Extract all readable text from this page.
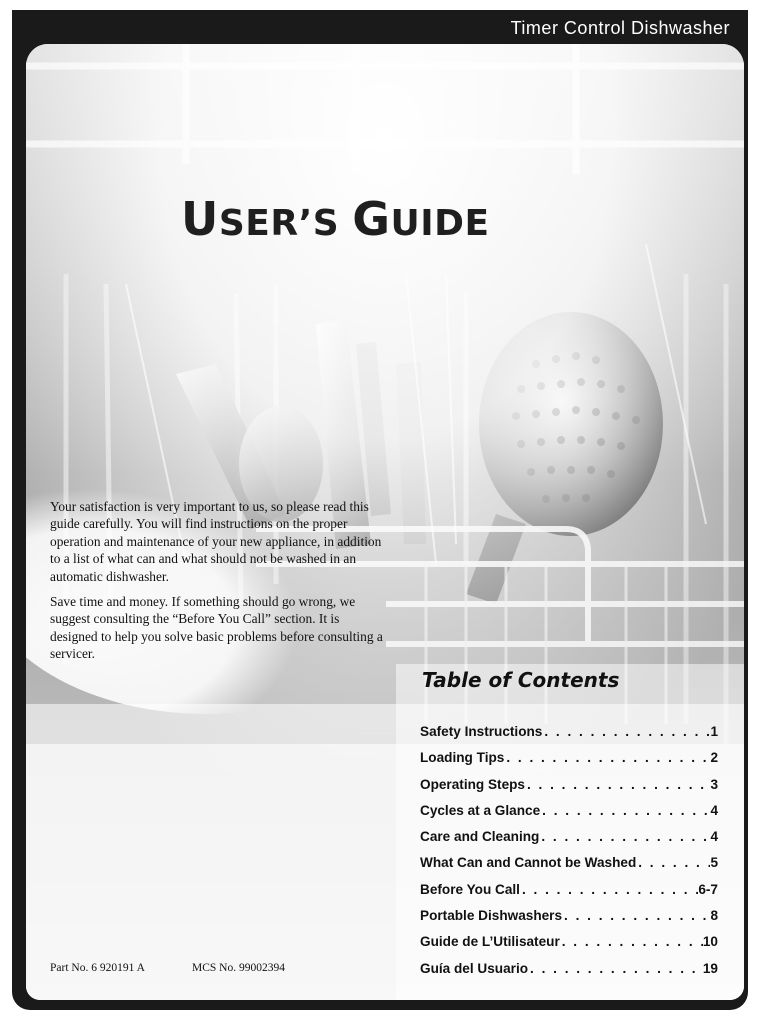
Timer Control Dishwasher
USER’S GUIDE

Your satisfaction is very important to us, so please read this guide carefully. You will find instructions on the proper operation and maintenance of your new appliance, in addition to a list of what can and what should not be washed in an automatic dishwasher.

Save time and money. If something should go wrong, we suggest consulting the “Before You Call” section. It is designed to help you solve basic problems before consulting a servicer.

Table of Contents
Safety Instructions . . .	1
Loading Tips . . .	2
Operating Steps . . .	3
Cycles at a Glance . . .	4
Care and Cleaning . . .	4
What Can and Cannot be Washed . . .	5
Before You Call . . .	6-7
Portable Dishwashers . . .	8
Guide de L’Utilisateur . . .	10
Guía del Usuario . . .	19
Part No. 6 920191 A	MCS No. 99002394
